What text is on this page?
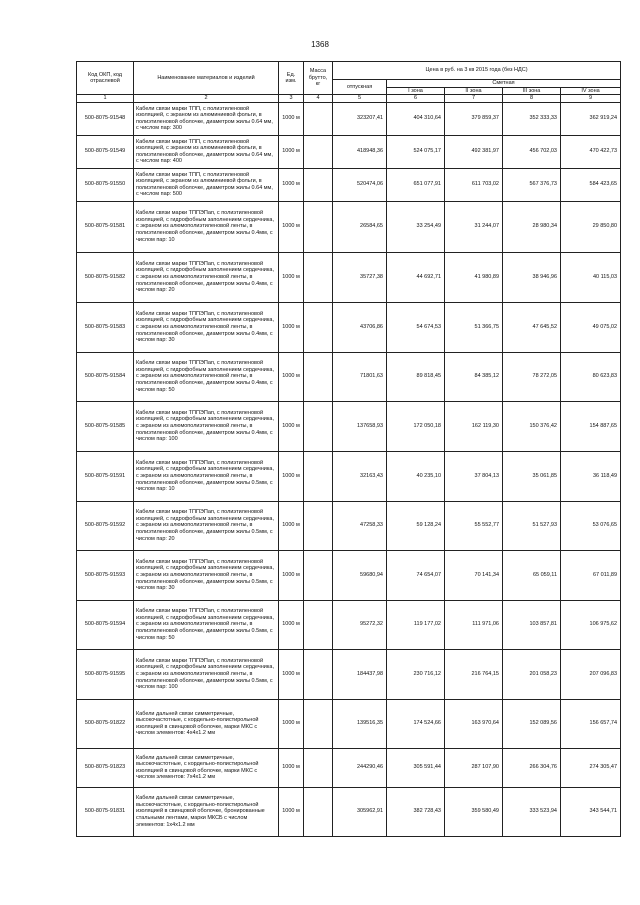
1368
Код ОКП, код отраслевой	Наименование материалов и изделий	Ед. изм.	Масса брутто, кг	Цена в руб. на 3 кв 2015 года (без НДС)				
				отпускная	Сметная			
					I зона	II зона	III зона	IV зона
1	2	3	4	5	6	7	8	9
500-8075-91548	Кабели связи марки ТПП, с полиэтиленовой изоляцией, с экраном из алюминиевой фольги, в полиэтиленовой оболочке, диаметром жилы 0.64 мм, с числом пар: 300	1000 м		323207,41	404 310,64	379 859,37	352 333,33	362 919,24
500-8075-91549	Кабели связи марки ТПП, с полиэтиленовой изоляцией, с экраном из алюминиевой фольги, в полиэтиленовой оболочке, диаметром жилы 0.64 мм, с числом пар: 400	1000 м		418948,36	524 075,17	492 381,97	456 702,03	470 422,73
500-8075-91550	Кабели связи марки ТПП, с полиэтиленовой изоляцией, с экраном из алюминиевой фольги, в полиэтиленовой оболочке, диаметром жилы 0.64 мм, с числом пар: 500	1000 м		520474,06	651 077,91	611 703,02	567 376,73	584 423,65
500-8075-91581	Кабели связи марки ТППЭПап, с полиэтиленовой изоляцией, с гидрофобным заполнением сердечника, с экраном из алюмополиэтиленовой ленты, в полиэтиленовой оболочке, диаметром жилы 0.4мм, с числом пар: 10	1000 м		26584,65	33 254,49	31 244,07	28 980,34	29 850,80
500-8075-91582	Кабели связи марки ТППЭПап, с полиэтиленовой изоляцией, с гидрофобным заполнением сердечника, с экраном из алюмополиэтиленовой ленты, в полиэтиленовой оболочке, диаметром жилы 0.4мм, с числом пар: 20	1000 м		35727,38	44 692,71	41 980,89	38 946,96	40 115,03
500-8075-91583	Кабели связи марки ТППЭПап, с полиэтиленовой изоляцией, с гидрофобным заполнением сердечника, с экраном из алюмополиэтиленовой ленты, в полиэтиленовой оболочке, диаметром жилы 0.4мм, с числом пар: 30	1000 м		43706,86	54 674,53	51 366,75	47 645,52	49 075,02
500-8075-91584	Кабели связи марки ТППЭПап, с полиэтиленовой изоляцией, с гидрофобным заполнением сердечника, с экраном из алюмополиэтиленовой ленты, в полиэтиленовой оболочке, диаметром жилы 0.4мм, с числом пар: 50	1000 м		71801,63	89 818,45	84 385,12	78 272,05	80 623,83
500-8075-91585	Кабели связи марки ТППЭПап, с полиэтиленовой изоляцией, с гидрофобным заполнением сердечника, с экраном из алюмополиэтиленовой ленты, в полиэтиленовой оболочке, диаметром жилы 0.4мм, с числом пар: 100	1000 м		137658,93	172 050,18	162 119,30	150 376,42	154 887,65
500-8075-91591	Кабели связи марки ТППЭПап, с полиэтиленовой изоляцией, с гидрофобным заполнением сердечника, с экраном из алюмополиэтиленовой ленты, в полиэтиленовой оболочке, диаметром жилы 0.5мм, с числом пар: 10	1000 м		32163,43	40 235,10	37 804,13	35 061,85	36 118,49
500-8075-91592	Кабели связи марки ТППЭПап, с полиэтиленовой изоляцией, с гидрофобным заполнением сердечника, с экраном из алюмополиэтиленовой ленты, в полиэтиленовой оболочке, диаметром жилы 0.5мм, с числом пар: 20	1000 м		47258,33	59 128,24	55 552,77	51 527,93	53 076,65
500-8075-91593	Кабели связи марки ТППЭПап, с полиэтиленовой изоляцией, с гидрофобным заполнением сердечника, с экраном из алюмополиэтиленовой ленты, в полиэтиленовой оболочке, диаметром жилы 0.5мм, с числом пар: 30	1000 м		59680,94	74 654,07	70 141,34	65 059,11	67 011,89
500-8075-91594	Кабели связи марки ТППЭПап, с полиэтиленовой изоляцией, с гидрофобным заполнением сердечника, с экраном из алюмополиэтиленовой ленты, в полиэтиленовой оболочке, диаметром жилы 0.5мм, с числом пар: 50	1000 м		95272,32	119 177,02	111 971,06	103 857,81	106 975,62
500-8075-91595	Кабели связи марки ТППЭПап, с полиэтиленовой изоляцией, с гидрофобным заполнением сердечника, с экраном из алюмополиэтиленовой ленты, в полиэтиленовой оболочке, диаметром жилы 0.5мм, с числом пар: 100	1000 м		184437,98	230 716,12	216 764,15	201 058,23	207 096,83
500-8075-91822	Кабели дальней связи симметричные, высокочастотные, с кордельно-полистирольной изоляцией в свинцовой оболочке, марки МКС с числом элементов: 4х4х1.2 мм	1000 м		139516,35	174 524,66	163 970,64	152 089,56	156 657,74
500-8075-91823	Кабели дальней связи симметричные, высокочастотные, с кордельно-полистирольной изоляцией в свинцовой оболочке, марки МКС с числом элементов: 7х4х1.2 мм	1000 м		244290,46	305 591,44	287 107,90	266 304,76	274 305,47
500-8075-91831	Кабели дальней связи симметричные, высокочастотные, с кордельно-полистирольной изоляцией в свинцовой оболочке, бронированные стальными лентами, марки МКСБ с числом элементов: 1х4х1.2 мм	1000 м		305962,91	382 728,43	359 580,49	333 523,94	343 544,71
